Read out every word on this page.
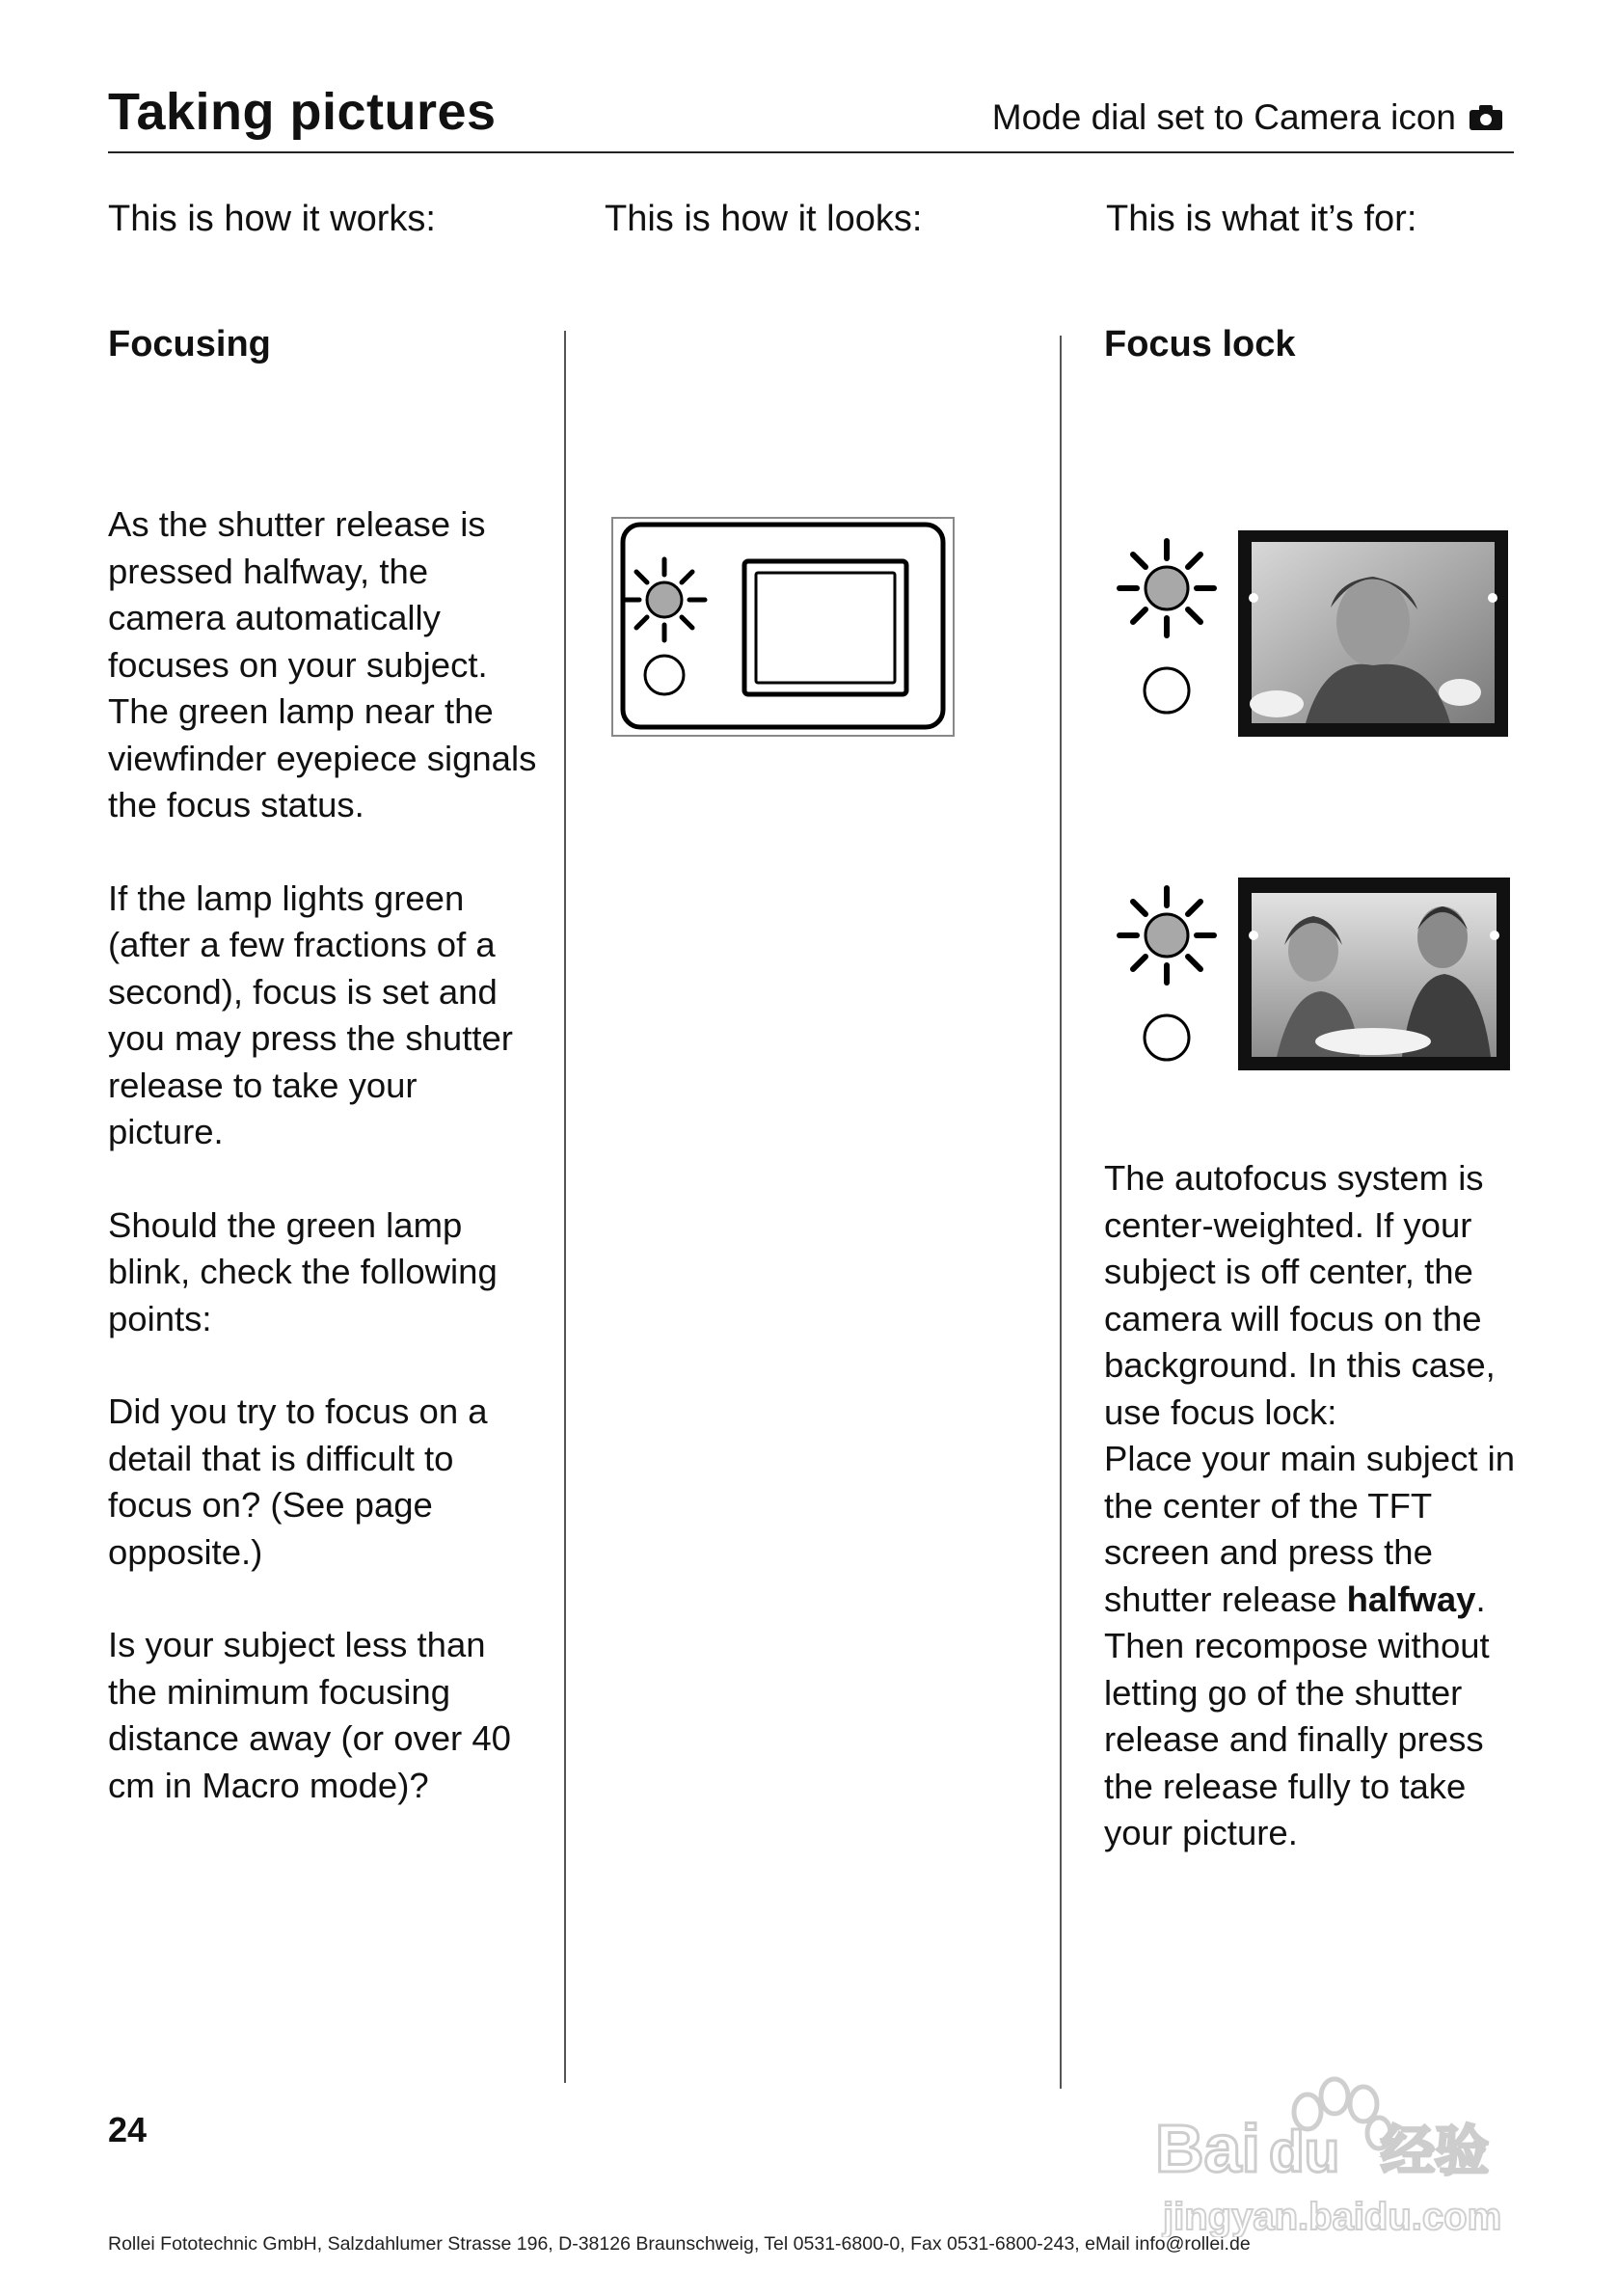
Taking pictures	Mode dial set to Camera icon
This is how it works:	This is how it looks:	This is what it’s for:
Focusing

As the shutter release is pressed halfway, the camera automatically focuses on your subject. The green lamp near the viewfinder eyepiece signals the focus status.

If the lamp lights green (after a few fractions of a second), focus is set and you may press the shutter release to take your picture.

Should the green lamp blink, check the following points:

Did you try to focus on a detail that is difficult to focus on? (See page opposite.)

Is your subject less than the minimum focusing distance away (or over 40 cm in Macro mode)?

Focus lock
The autofocus system is center-weighted. If your subject is off center, the camera will focus on the background. In this case, use focus lock:
Place your main subject in the center of the TFT screen and press the shutter release halfway. Then recompose without letting go of the shutter release and finally press the release fully to take your picture.
24
Rollei Fototechnic GmbH, Salzdahlumer Strasse 196, D-38126 Braunschweig, Tel 0531-6800-0, Fax 0531-6800-243, eMail info@rollei.de
Bai du 经验
jingyan.baidu.com
